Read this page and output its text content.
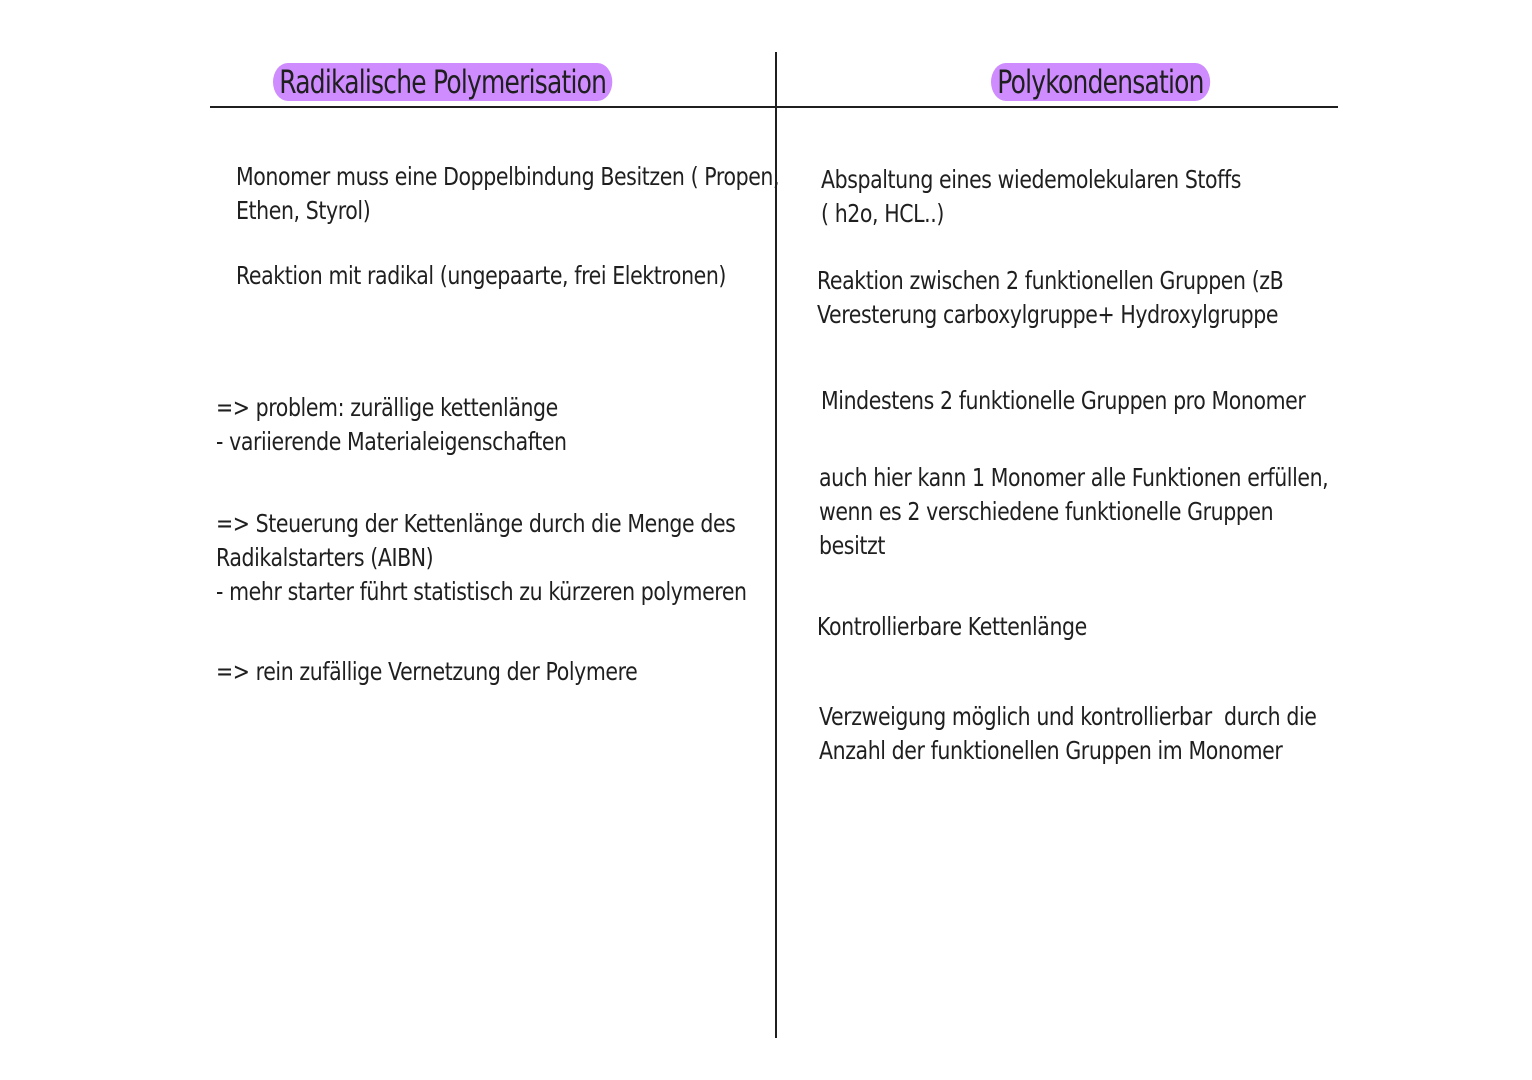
Radikalische Polymerisation	Polykondensation
Monomer muss eine Doppelbindung Besitzen ( Propen,
Ethen, Styrol)
Reaktion mit radikal (ungepaarte, frei Elektronen)
=> problem: zurällige kettenlänge
- variierende Materialeigenschaften
=> Steuerung der Kettenlänge durch die Menge des
Radikalstarters (AIBN)
- mehr starter führt statistisch zu kürzeren polymeren
=> rein zufällige Vernetzung der Polymere
Abspaltung eines wiedemolekularen Stoffs
( h2o, HCL..)
Reaktion zwischen 2 funktionellen Gruppen (zB
Veresterung carboxylgruppe+ Hydroxylgruppe
Mindestens 2 funktionelle Gruppen pro Monomer
auch hier kann 1 Monomer alle Funktionen erfüllen,
wenn es 2 verschiedene funktionelle Gruppen
besitzt
Kontrollierbare Kettenlänge
Verzweigung möglich und kontrollierbar  durch die
Anzahl der funktionellen Gruppen im Monomer
